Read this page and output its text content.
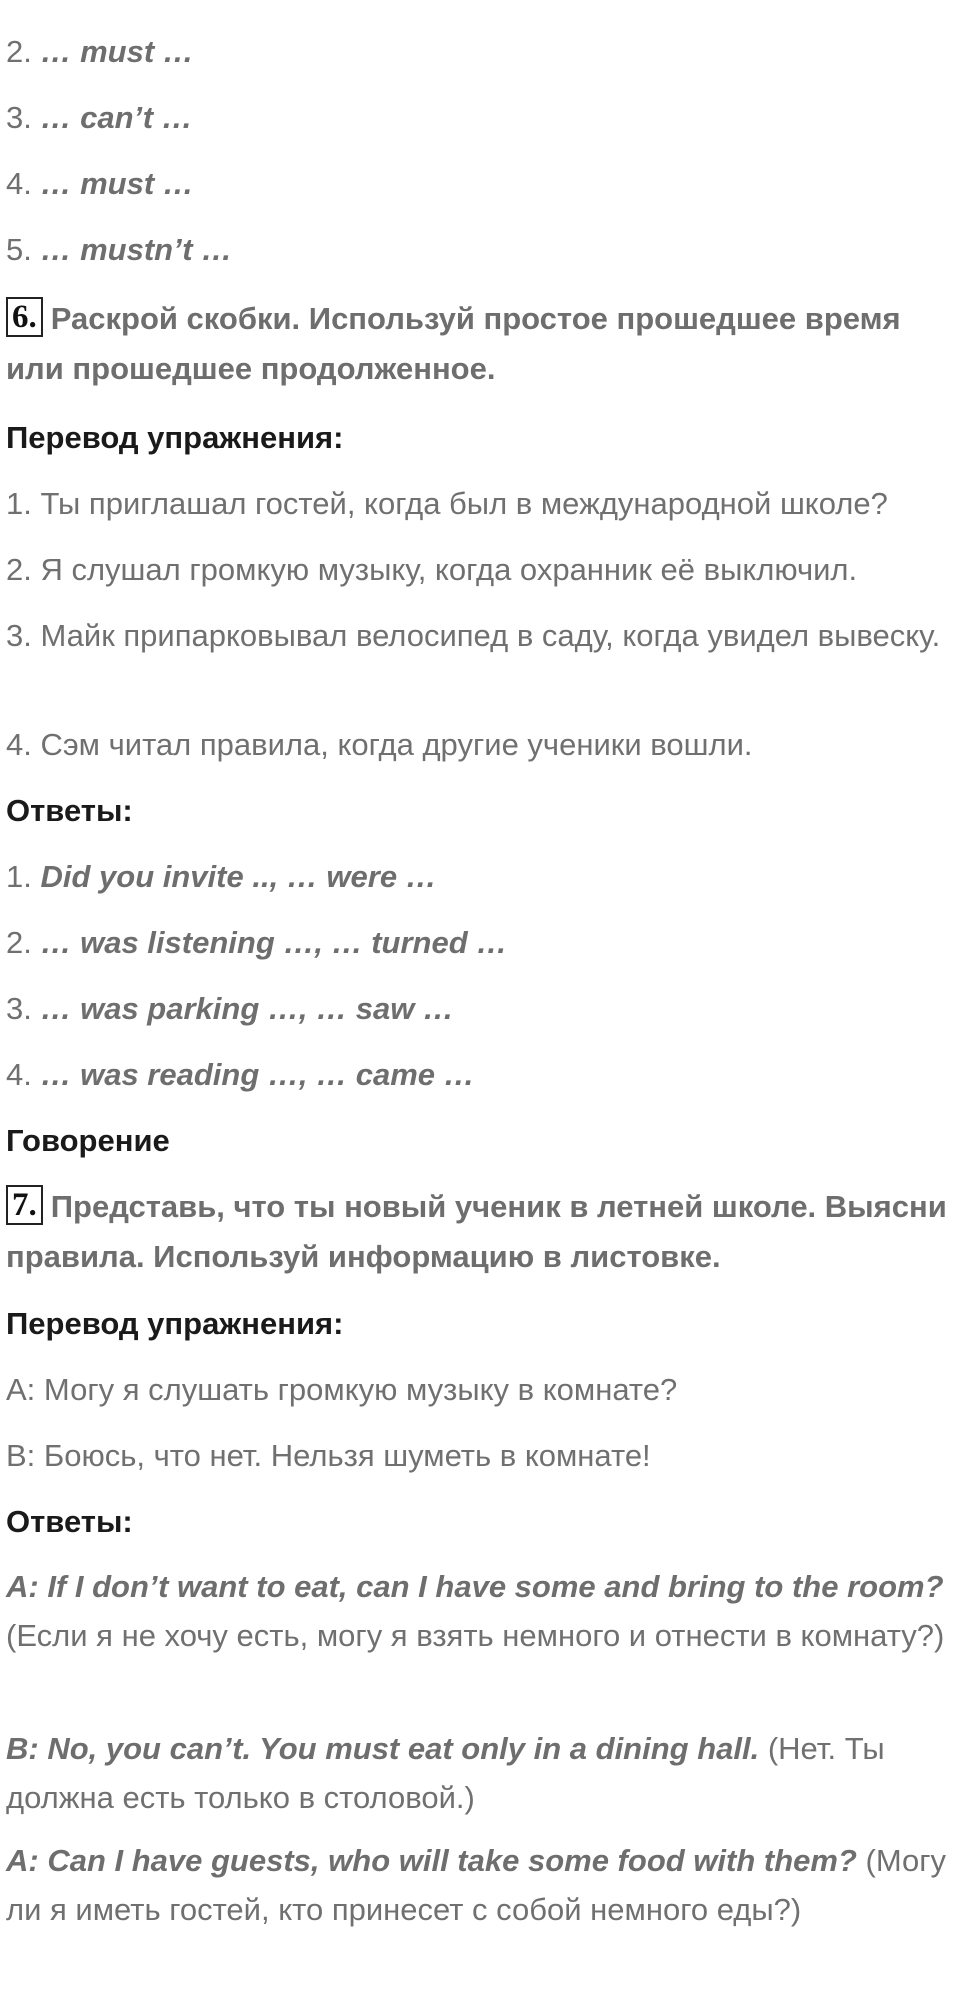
2. … must …
3. … can’t …
4. … must …
5. … mustn’t …
6. Раскрой скобки. Используй простое прошедшее время или прошедшее продолженное.
Перевод упражнения:
1. Ты приглашал гостей, когда был в международной школе?
2. Я слушал громкую музыку, когда охранник её выключил.
3. Майк припарковывал велосипед в саду, когда увидел вывеску.
4. Сэм читал правила, когда другие ученики вошли.
Ответы:
1. Did you invite .., … were …
2. … was listening …, … turned …
3. … was parking …, … saw …
4. … was reading …, … came …
Говорение
7. Представь, что ты новый ученик в летней школе. Выясни правила. Используй информацию в листовке.
Перевод упражнения:
A: Могу я слушать громкую музыку в комнате?
B: Боюсь, что нет. Нельзя шуметь в комнате!
Ответы:
A: If I don’t want to eat, can I have some and bring to the room? (Если я не хочу есть, могу я взять немного и отнести в комнату?)
B: No, you can’t. You must eat only in a dining hall. (Нет. Ты должна есть только в столовой.)
A: Can I have guests, who will take some food with them? (Могу ли я иметь гостей, кто принесет с собой немного еды?)
